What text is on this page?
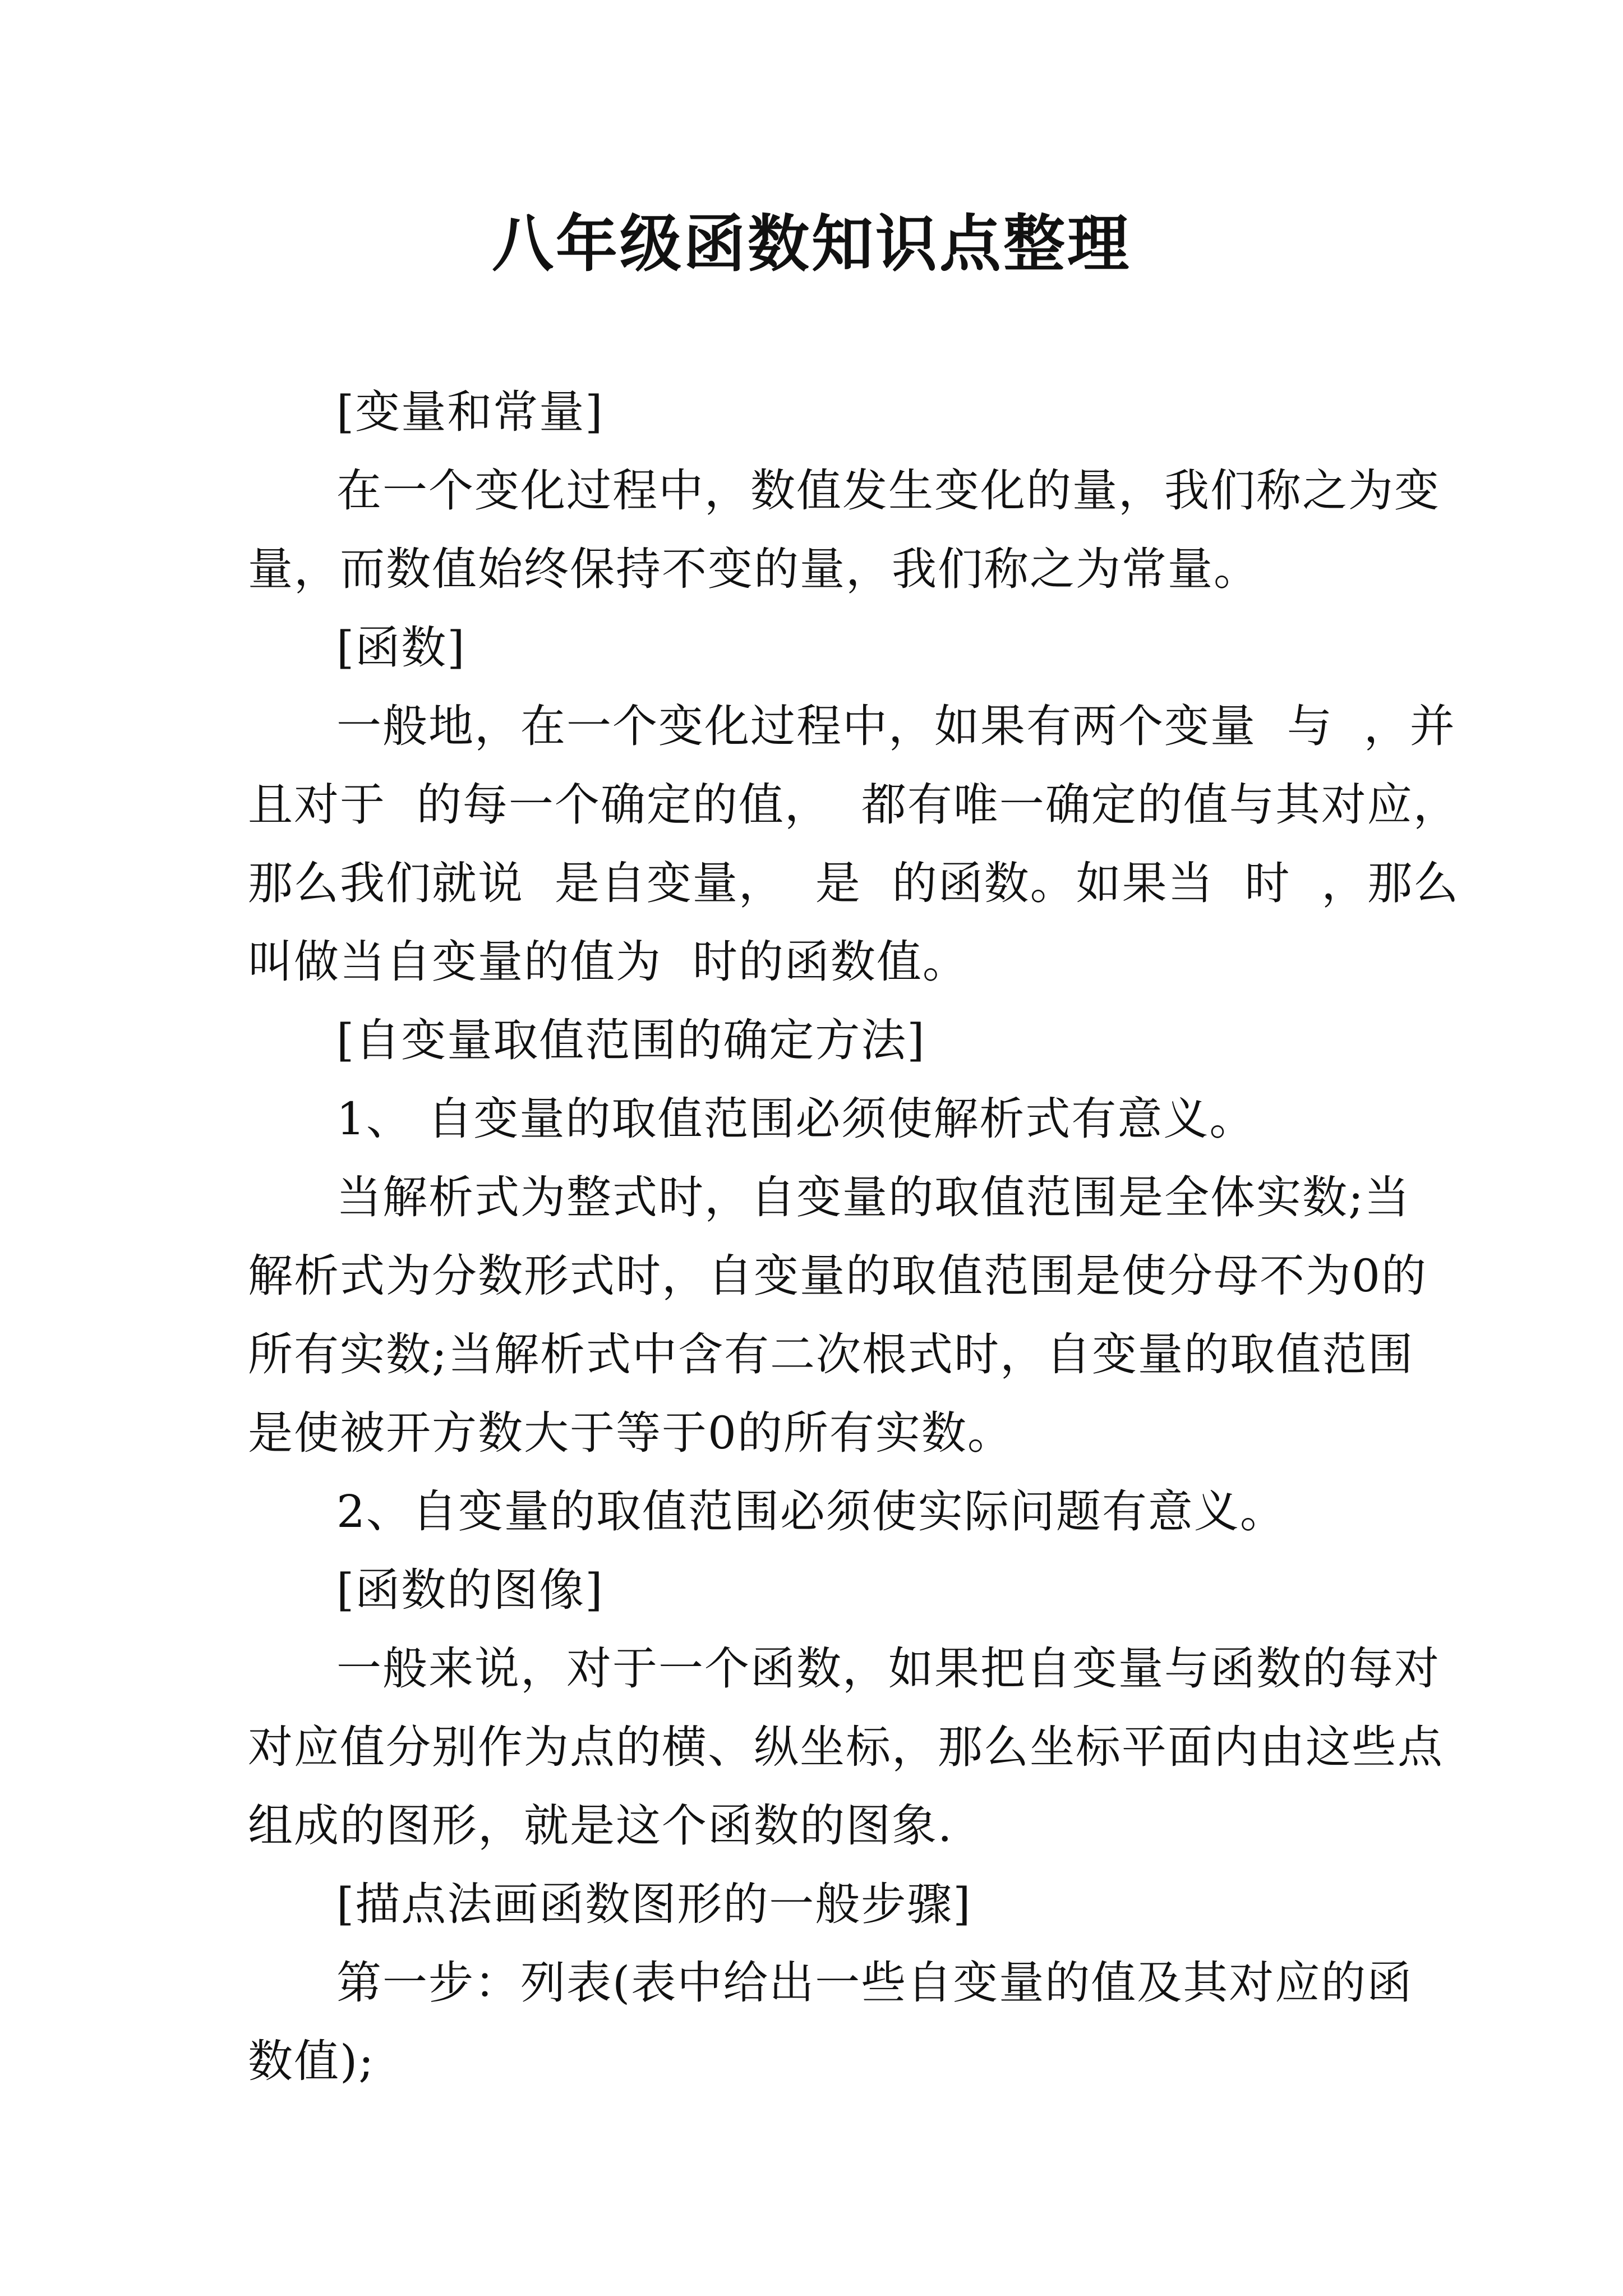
八年级函数知识点整理
[变量和常量]
在一个变化过程中，数值发生变化的量，我们称之为变
量，而数值始终保持不变的量，我们称之为常量。
[函数]
一般地，在一个变化过程中，如果有两个变量  与  ，并
且对于  的每一个确定的值，  都有唯一确定的值与其对应，
那么我们就说  是自变量，  是  的函数。如果当  时  ，那么
叫做当自变量的值为  时的函数值。
[自变量取值范围的确定方法]
1、 自变量的取值范围必须使解析式有意义。
当解析式为整式时，自变量的取值范围是全体实数;当
解析式为分数形式时，自变量的取值范围是使分母不为0的
所有实数;当解析式中含有二次根式时，自变量的取值范围
是使被开方数大于等于0的所有实数。
2、自变量的取值范围必须使实际问题有意义。
[函数的图像]
一般来说，对于一个函数，如果把自变量与函数的每对
对应值分别作为点的横、纵坐标，那么坐标平面内由这些点
组成的图形，就是这个函数的图象.
[描点法画函数图形的一般步骤]
第一步：列表(表中给出一些自变量的值及其对应的函
数值);
